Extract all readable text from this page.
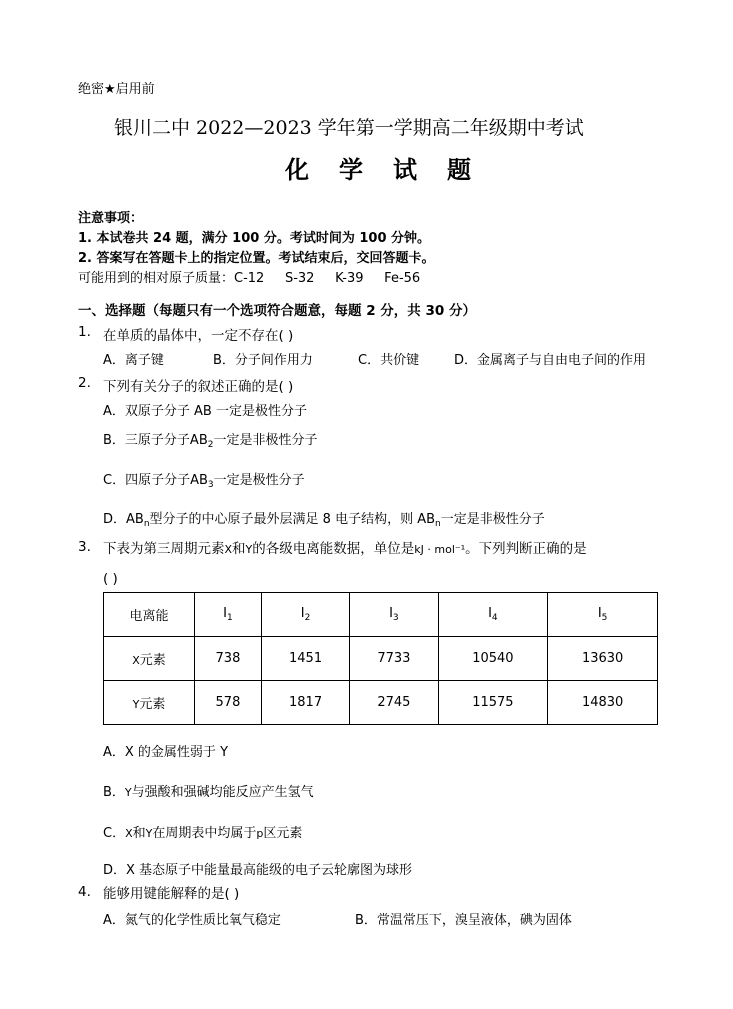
绝密★启用前
银川二中 2022—2023 学年第一学期高二年级期中考试
化 学 试 题
注意事项：
1. 本试卷共 24 题，满分 100 分。考试时间为 100 分钟。
2. 答案写在答题卡上的指定位置。考试结束后，交回答题卡。
可能用到的相对原子质量：C-12     S-32     K-39     Fe-56
一、选择题（每题只有一个选项符合题意，每题 2 分，共 30 分）
1. 在单质的晶体中，一定不存在( )
A．离子键	B．分子间作用力	C．共价键	D．金属离子与自由电子间的作用
2. 下列有关分子的叙述正确的是( )
A．双原子分子 AB 一定是极性分子
B．三原子分子$AB_2$一定是非极性分子
C．四原子分子$AB_3$一定是极性分子
D．$AB_n$型分子的中心原子最外层满足 8 电子结构，则 $AB_n$一定是非极性分子
3. 下表为第三周期元素X和Y的各级电离能数据，单位是kJ · mol⁻¹。下列判断正确的是
( )
电离能	$I_1$	$I_2$	$I_3$	$I_4$	$I_5$
X元素	738	1451	7733	10540	13630
Y元素	578	1817	2745	11575	14830
A．X 的金属性弱于 Y
B．Y与强酸和强碱均能反应产生氢气
C．X和Y在周期表中均属于p区元素
D．X 基态原子中能量最高能级的电子云轮廓图为球形
4. 能够用键能解释的是( )
A．氮气的化学性质比氧气稳定	B．常温常压下，溴呈液体，碘为固体
